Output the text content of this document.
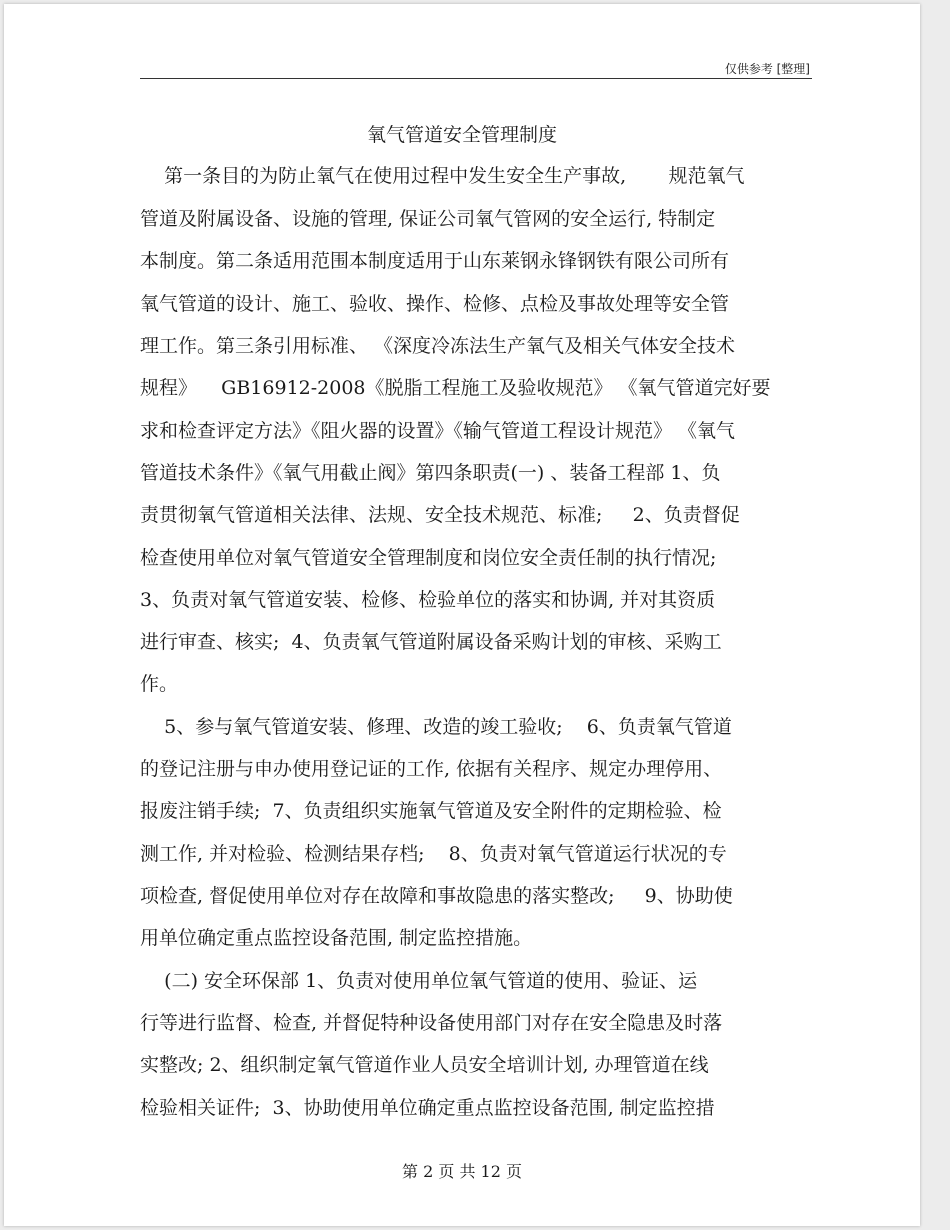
仅供参考 [整理]
氧气管道安全管理制度
第一条目的为防止氧气在使用过程中发生安全生产事故,       规范氧气
管道及附属设备、设施的管理, 保证公司氧气管网的安全运行, 特制定
本制度。第二条适用范围本制度适用于山东莱钢永锋钢铁有限公司所有
氧气管道的设计、施工、验收、操作、检修、点检及事故处理等安全管
理工作。第三条引用标准、 《深度冷冻法生产氧气及相关气体安全技术
规程》    GB16912-2008《脱脂工程施工及验收规范》 《氧气管道完好要
求和检查评定方法》《阻火器的设置》《输气管道工程设计规范》 《氧气
管道技术条件》《氧气用截止阀》第四条职责(一) 、装备工程部 1、负
责贯彻氧气管道相关法律、法规、安全技术规范、标准;     2、负责督促
检查使用单位对氧气管道安全管理制度和岗位安全责任制的执行情况;
3、负责对氧气管道安装、检修、检验单位的落实和协调, 并对其资质
进行审查、核实;  4、负责氧气管道附属设备采购计划的审核、采购工
作。
5、参与氧气管道安装、修理、改造的竣工验收;    6、负责氧气管道
的登记注册与申办使用登记证的工作, 依据有关程序、规定办理停用、
报废注销手续;  7、负责组织实施氧气管道及安全附件的定期检验、检
测工作, 并对检验、检测结果存档;    8、负责对氧气管道运行状况的专
项检查, 督促使用单位对存在故障和事故隐患的落实整改;     9、协助使
用单位确定重点监控设备范围, 制定监控措施。
(二) 安全环保部 1、负责对使用单位氧气管道的使用、验证、运
行等进行监督、检查, 并督促特种设备使用部门对存在安全隐患及时落
实整改; 2、组织制定氧气管道作业人员安全培训计划, 办理管道在线
检验相关证件;  3、协助使用单位确定重点监控设备范围, 制定监控措
第 2 页 共 12 页
